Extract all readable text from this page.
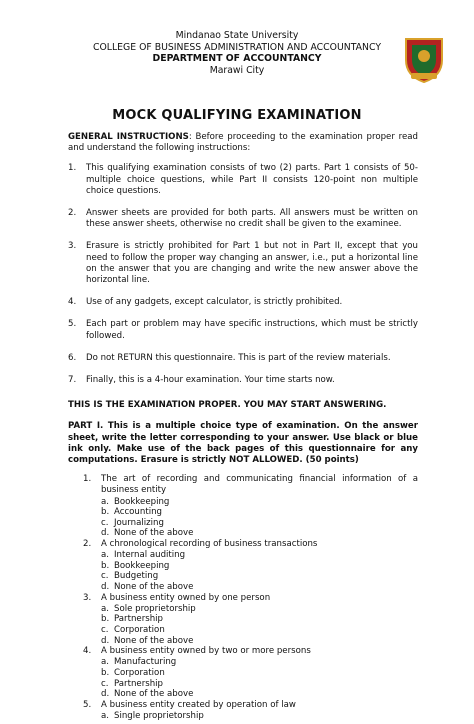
Mindanao State University
COLLEGE OF BUSINESS ADMINISTRATION AND ACCOUNTANCY
DEPARTMENT OF ACCOUNTANCY
Marawi City
MOCK QUALIFYING EXAMINATION

GENERAL INSTRUCTIONS: Before proceeding to the examination proper read and understand the following instructions:

1. This qualifying examination consists of two (2) parts. Part 1 consists of 50-multiple choice questions, while Part II consists 120-point non multiple choice questions.
2. Answer sheets are provided for both parts. All answers must be written on these answer sheets, otherwise no credit shall be given to the examinee.
3. Erasure is strictly prohibited for Part 1 but not in Part II, except that you need to follow the proper way changing an answer, i.e., put a horizontal line on the answer that you are changing and write the new answer above the horizontal line.
4. Use of any gadgets, except calculator, is strictly prohibited.
5. Each part or problem may have specific instructions, which must be strictly followed.
6. Do not RETURN this questionnaire. This is part of the review materials.
7. Finally, this is a 4-hour examination. Your time starts now.

THIS IS THE EXAMINATION PROPER. YOU MAY START ANSWERING.

PART I. This is a multiple choice type of examination. On the answer sheet, write the letter corresponding to your answer. Use black or blue ink only. Make use of the back pages of this questionnaire for any computations. Erasure is strictly NOT ALLOWED. (50 points)

1. The art of recording and communicating financial information of a business entity
a. Bookkeeping
b. Accounting
c. Journalizing
d. None of the above
2. A chronological recording of business transactions
a. Internal auditing
b. Bookkeeping
c. Budgeting
d. None of the above
3. A business entity owned by one person
a. Sole proprietorship
b. Partnership
c. Corporation
d. None of the above
4. A business entity owned by two or more persons
a. Manufacturing
b. Corporation
c. Partnership
d. None of the above
5. A business entity created by operation of law
a. Single proprietorship
